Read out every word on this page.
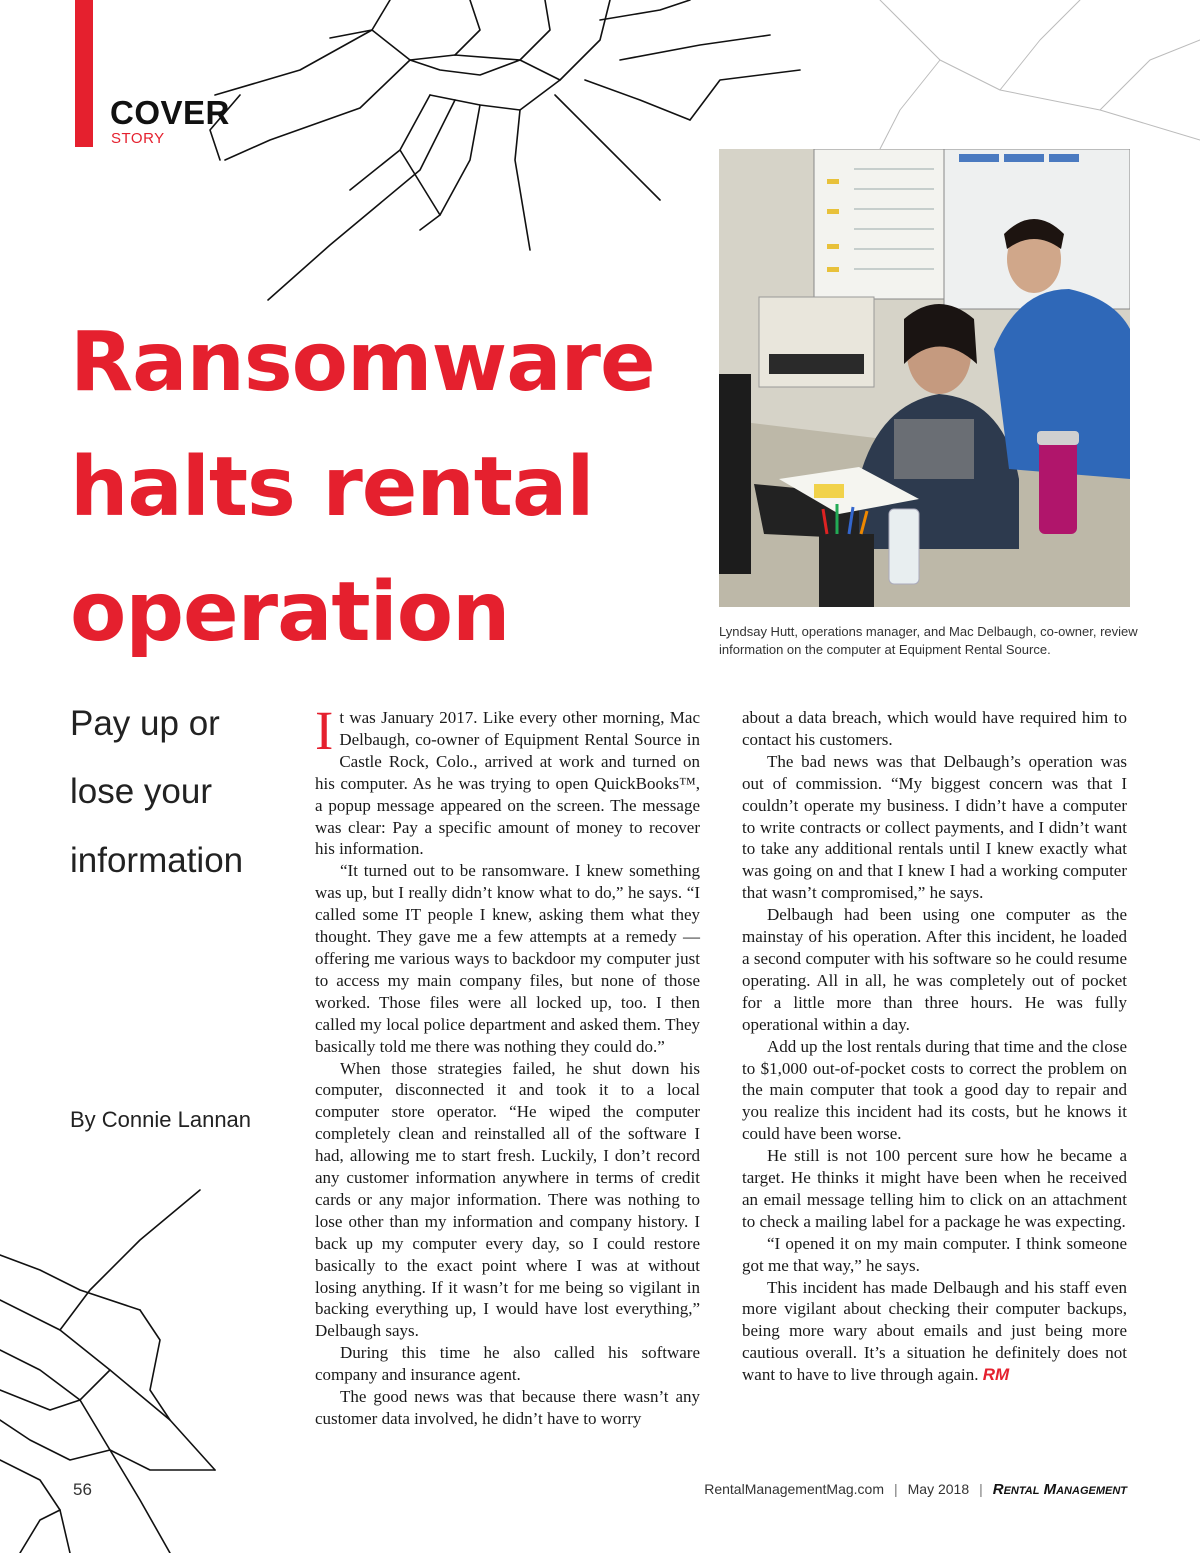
COVER
STORY
Ransomware
halts rental
operation
Pay up or
lose your
information
By Connie Lannan
Lyndsay Hutt, operations manager, and Mac Delbaugh, co-owner, review information on the computer at Equipment Rental Source.

It was January 2017. Like every other morning, Mac Delbaugh, co-owner of Equipment Rental Source in Castle Rock, Colo., arrived at work and turned on his computer. As he was trying to open QuickBooks™, a popup message appeared on the screen. The message was clear: Pay a specific amount of money to recover his information.

“It turned out to be ransomware. I knew something was up, but I really didn’t know what to do,” he says. “I called some IT people I knew, asking them what they thought. They gave me a few attempts at a remedy — offering me various ways to backdoor my computer just to access my main company files, but none of those worked. Those files were all locked up, too. I then called my local police department and asked them. They basically told me there was nothing they could do.”

When those strategies failed, he shut down his computer, disconnected it and took it to a local computer store operator. “He wiped the computer completely clean and reinstalled all of the software I had, allowing me to start fresh. Luckily, I don’t record any customer information anywhere in terms of credit cards or any major information. There was nothing to lose other than my information and company history. I back up my computer every day, so I could restore basically to the exact point where I was at without losing anything. If it wasn’t for me being so vigilant in backing everything up, I would have lost everything,” Delbaugh says.

During this time he also called his software company and insurance agent.

The good news was that because there wasn’t any customer data involved, he didn’t have to worry

about a data breach, which would have required him to contact his customers.

The bad news was that Delbaugh’s operation was out of commission. “My biggest concern was that I couldn’t operate my business. I didn’t have a computer to write contracts or collect payments, and I didn’t want to take any additional rentals until I knew exactly what was going on and that I knew I had a working computer that wasn’t compromised,” he says.

Delbaugh had been using one computer as the mainstay of his operation. After this incident, he loaded a second computer with his software so he could resume operating. All in all, he was completely out of pocket for a little more than three hours. He was fully operational within a day.

Add up the lost rentals during that time and the close to $1,000 out-of-pocket costs to correct the problem on the main computer that took a good day to repair and you realize this incident had its costs, but he knows it could have been worse.

He still is not 100 percent sure how he became a target. He thinks it might have been when he received an email message telling him to click on an attachment to check a mailing label for a package he was expecting.

“I opened it on my main computer. I think someone got me that way,” he says.

This incident has made Delbaugh and his staff even more vigilant about checking their computer backups, being more wary about emails and just being more cautious overall. It’s a situation he definitely does not want to have to live through again. RM

56	RentalManagementMag.com | May 2018 | Rental Management
